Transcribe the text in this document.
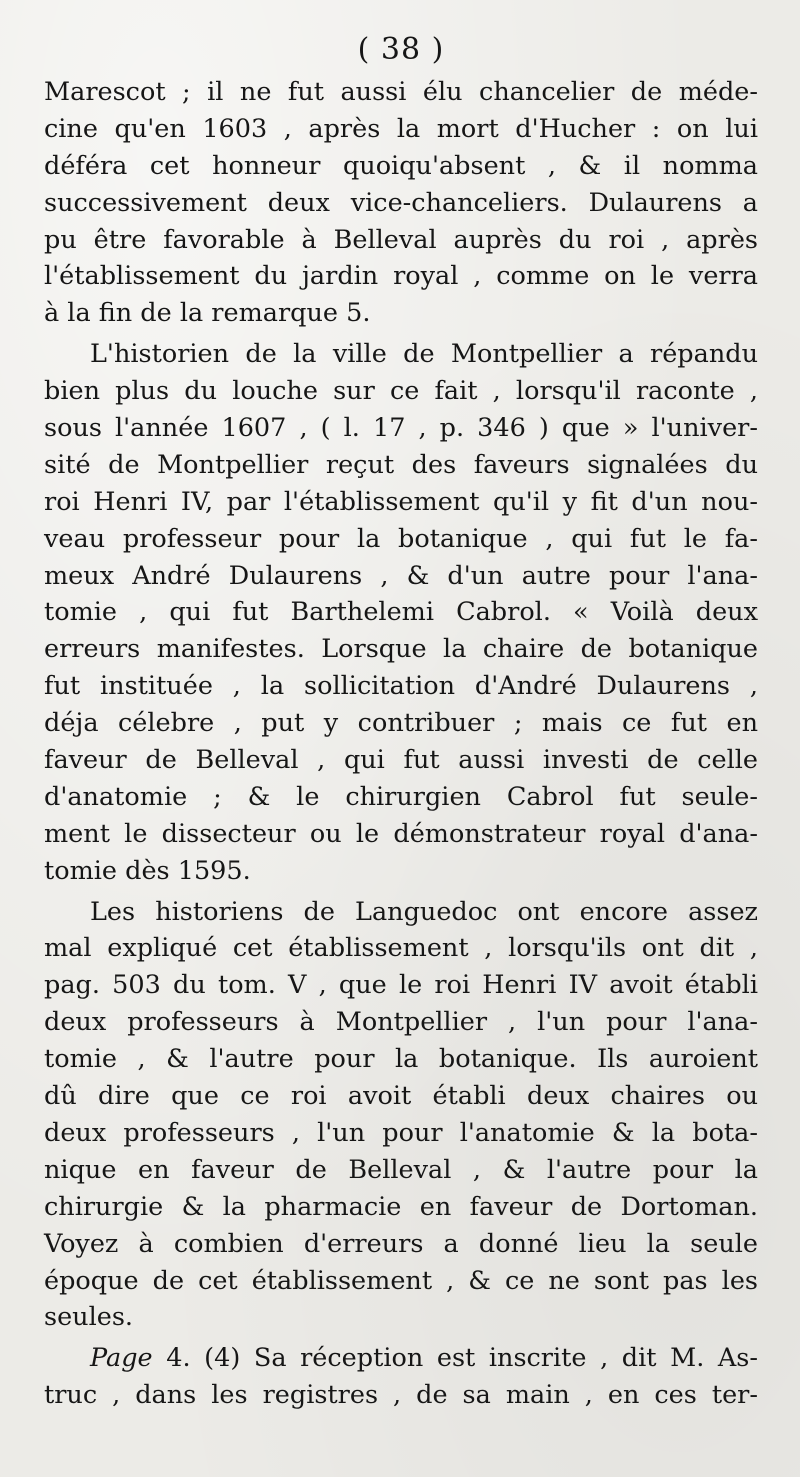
( 38 )
Marescot ; il ne fut aussi élu chancelier de méde-
cine qu'en 1603 , après la mort d'Hucher : on lui
déféra cet honneur quoiqu'absent , & il nomma
successivement deux vice-chanceliers. Dulaurens a
pu être favorable à Belleval auprès du roi , après
l'établissement du jardin royal , comme on le verra
à la fin de la remarque 5.
L'historien de la ville de Montpellier a répandu
bien plus du louche sur ce fait , lorsqu'il raconte ,
sous l'année 1607 , ( l. 17 , p. 346 ) que » l'univer-
sité de Montpellier reçut des faveurs signalées du
roi Henri IV, par l'établissement qu'il y fit d'un nou-
veau professeur pour la botanique , qui fut le fa-
meux André Dulaurens , & d'un autre pour l'ana-
tomie , qui fut Barthelemi Cabrol. « Voilà deux
erreurs manifestes. Lorsque la chaire de botanique
fut instituée , la sollicitation d'André Dulaurens ,
déja célebre , put y contribuer ; mais ce fut en
faveur de Belleval , qui fut aussi investi de celle
d'anatomie ; & le chirurgien Cabrol fut seule-
ment le dissecteur ou le démonstrateur royal d'ana-
tomie dès 1595.
Les historiens de Languedoc ont encore assez
mal expliqué cet établissement , lorsqu'ils ont dit ,
pag. 503 du tom. V , que le roi Henri IV avoit établi
deux professeurs à Montpellier , l'un pour l'ana-
tomie , & l'autre pour la botanique. Ils auroient
dû dire que ce roi avoit établi deux chaires ou
deux professeurs , l'un pour l'anatomie & la bota-
nique en faveur de Belleval , & l'autre pour la
chirurgie & la pharmacie en faveur de Dortoman.
Voyez à combien d'erreurs a donné lieu la seule
époque de cet établissement , & ce ne sont pas les
seules.
Page 4. (4) Sa réception est inscrite , dit M. As-
truc , dans les registres , de sa main , en ces ter-
